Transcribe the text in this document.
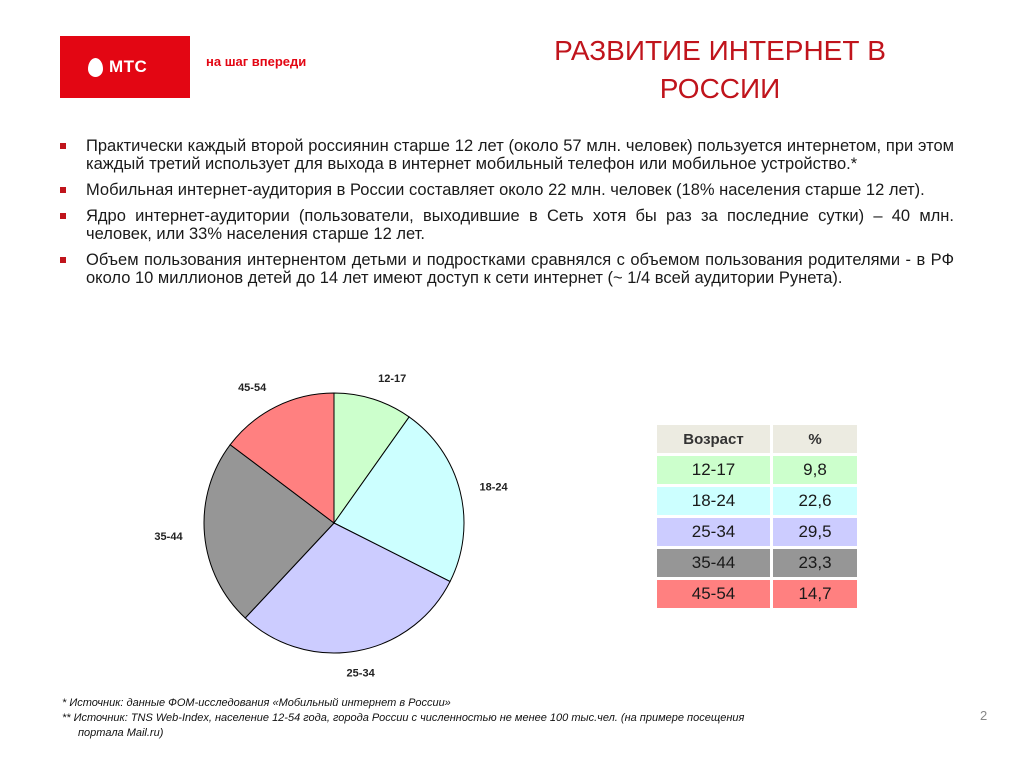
МТС	на шаг впереди	РАЗВИТИЕ ИНТЕРНЕТ В РОССИИ
Практически каждый второй россиянин старше 12 лет (около 57 млн. человек) пользуется интернетом, при этом каждый третий использует для выхода в интернет мобильный телефон или мобильное устройство.*
Мобильная интернет-аудитория в России составляет около 22 млн. человек (18% населения старше 12 лет).
Ядро интернет-аудитории (пользователи, выходившие в Сеть хотя бы раз за последние сутки) – 40 млн. человек, или 33% населения старше 12 лет.
Объем пользования интернентом детьми и подростками сравнялся с объемом пользования родителями - в РФ около 10 миллионов детей до 14 лет имеют доступ к сети интернет (~ 1/4 всей аудитории Рунета).
12-17
18-24
25-34
35-44
45-54
Возраст	%
12-17	9,8
18-24	22,6
25-34	29,5
35-44	23,3
45-54	14,7
* Источник: данные ФОМ-исследования «Мобильный интернет в России»
** Источник: TNS Web-Index, население 12-54 года, города России с численностью не менее 100 тыс.чел. (на примере посещения
портала Mail.ru)
2
